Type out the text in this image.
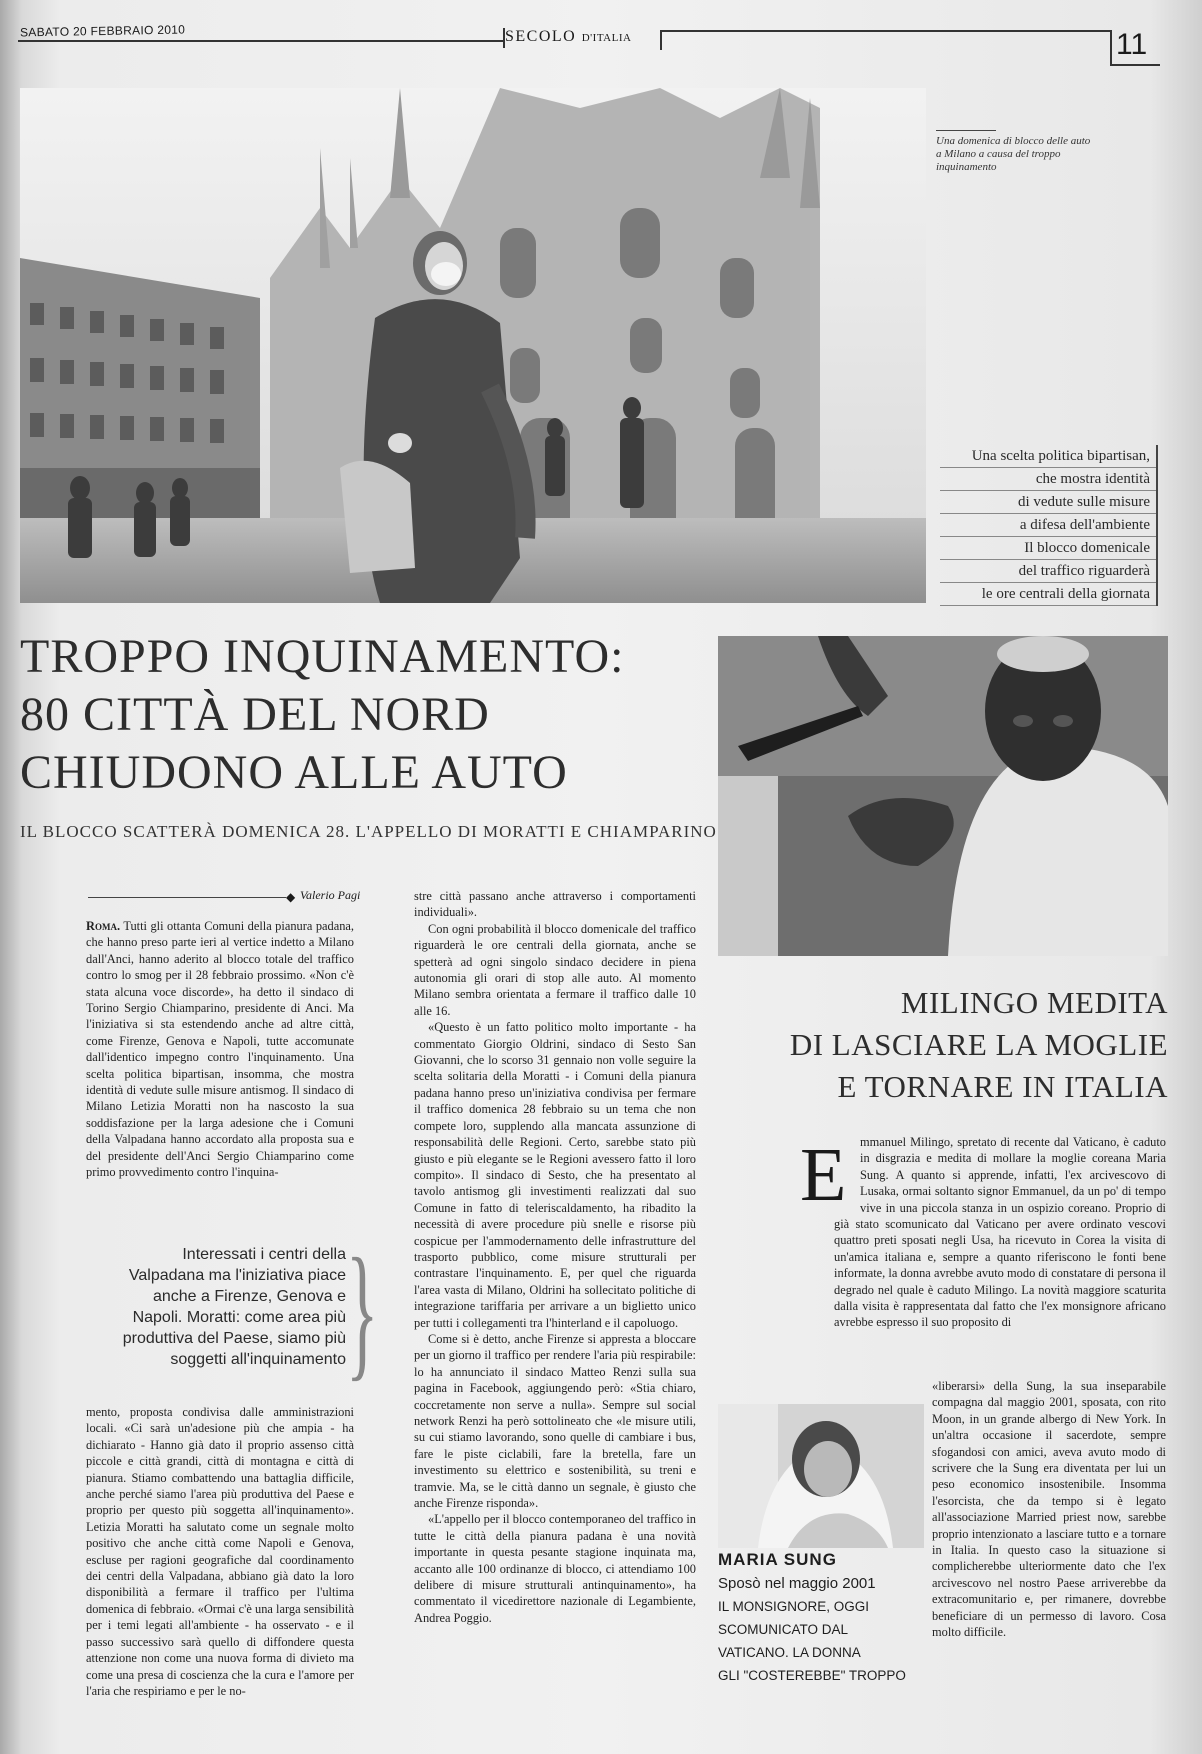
SABATO 20 FEBBRAIO 2010	SECOLO D'ITALIA	11
Una domenica di blocco delle auto a Milano a causa del troppo inquinamento
Una scelta politica bipartisan,
che mostra identità
di vedute sulle misure
a difesa dell'ambiente
Il blocco domenicale
del traffico riguarderà
le ore centrali della giornata
TROPPO INQUINAMENTO:
80 CITTÀ DEL NORD
CHIUDONO ALLE AUTO
IL BLOCCO SCATTERÀ DOMENICA 28. L'APPELLO DI MORATTI E CHIAMPARINO
◆ Valerio Pagi

Roma. Tutti gli ottanta Comuni della pianura padana, che hanno preso parte ieri al vertice indetto a Milano dall'Anci, hanno aderito al blocco totale del traffico contro lo smog per il 28 febbraio prossimo. «Non c'è stata alcuna voce discorde», ha detto il sindaco di Torino Sergio Chiamparino, presidente di Anci. Ma l'iniziativa si sta estendendo anche ad altre città, come Firenze, Genova e Napoli, tutte accomunate dall'identico impegno contro l'inquinamento. Una scelta politica bipartisan, insomma, che mostra identità di vedute sulle misure antismog. Il sindaco di Milano Letizia Moratti non ha nascosto la sua soddisfazione per la larga adesione che i Comuni della Valpadana hanno accordato alla proposta sua e del presidente dell'Anci Sergio Chiamparino come primo provvedimento contro l'inquina-

Interessati i centri della Valpadana ma l'iniziativa piace anche a Firenze, Genova e Napoli. Moratti: come area più produttiva del Paese, siamo più soggetti all'inquinamento }

mento, proposta condivisa dalle amministrazioni locali. «Ci sarà un'adesione più che ampia - ha dichiarato - Hanno già dato il proprio assenso città piccole e città grandi, città di montagna e città di pianura. Stiamo combattendo una battaglia difficile, anche perché siamo l'area più produttiva del Paese e proprio per questo più soggetta all'inquinamento». Letizia Moratti ha salutato come un segnale molto positivo che anche città come Napoli e Genova, escluse per ragioni geografiche dal coordinamento dei centri della Valpadana, abbiano già dato la loro disponibilità a fermare il traffico per l'ultima domenica di febbraio. «Ormai c'è una larga sensibilità per i temi legati all'ambiente - ha osservato - e il passo successivo sarà quello di diffondere questa attenzione non come una nuova forma di divieto ma come una presa di coscienza che la cura e l'amore per l'aria che respiriamo e per le no-

stre città passano anche attraverso i comportamenti individuali».

Con ogni probabilità il blocco domenicale del traffico riguarderà le ore centrali della giornata, anche se spetterà ad ogni singolo sindaco decidere in piena autonomia gli orari di stop alle auto. Al momento Milano sembra orientata a fermare il traffico dalle 10 alle 16.

«Questo è un fatto politico molto importante - ha commentato Giorgio Oldrini, sindaco di Sesto San Giovanni, che lo scorso 31 gennaio non volle seguire la scelta solitaria della Moratti - i Comuni della pianura padana hanno preso un'iniziativa condivisa per fermare il traffico domenica 28 febbraio su un tema che non compete loro, supplendo alla mancata assunzione di responsabilità delle Regioni. Certo, sarebbe stato più giusto e più elegante se le Regioni avessero fatto il loro compito». Il sindaco di Sesto, che ha presentato al tavolo antismog gli investimenti realizzati dal suo Comune in fatto di teleriscaldamento, ha ribadito la necessità di avere procedure più snelle e risorse più cospicue per l'ammodernamento delle infrastrutture del trasporto pubblico, come misure strutturali per contrastare l'inquinamento. E, per quel che riguarda l'area vasta di Milano, Oldrini ha sollecitato politiche di integrazione tariffaria per arrivare a un biglietto unico per tutti i collegamenti tra l'hinterland e il capoluogo.

Come si è detto, anche Firenze si appresta a bloccare per un giorno il traffico per rendere l'aria più respirabile: lo ha annunciato il sindaco Matteo Renzi sulla sua pagina in Facebook, aggiungendo però: «Stia chiaro, coccretamente non serve a nulla». Sempre sul social network Renzi ha però sottolineato che «le misure utili, su cui stiamo lavorando, sono quelle di cambiare i bus, fare le piste ciclabili, fare la bretella, fare un investimento su elettrico e sostenibilità, su treni e tramvie. Ma, se le città danno un segnale, è giusto che anche Firenze risponda».

«L'appello per il blocco contemporaneo del traffico in tutte le città della pianura padana è una novità importante in questa pesante stagione inquinata ma, accanto alle 100 ordinanze di blocco, ci attendiamo 100 delibere di misure strutturali antinquinamento», ha commentato il vicedirettore nazionale di Legambiente, Andrea Poggio.

MILINGO MEDITA
DI LASCIARE LA MOGLIE
E TORNARE IN ITALIA
E mmanuel Milingo, spretato di recente dal Vaticano, è caduto in disgrazia e medita di mollare la moglie coreana Maria Sung. A quanto si apprende, infatti, l'ex arcivescovo di Lusaka, ormai soltanto signor Emmanuel, da un po' di tempo vive in una piccola stanza in un ospizio coreano. Proprio di

già stato scomunicato dal Vaticano per avere ordinato vescovi quattro preti sposati negli Usa, ha ricevuto in Corea la visita di un'amica italiana e, sempre a quanto riferiscono le fonti bene informate, la donna avrebbe avuto modo di constatare di persona il degrado nel quale è caduto Milingo. La novità maggiore scaturita dalla visita è rappresentata dal fatto che l'ex monsignore africano avrebbe espresso il suo proposito di

«liberarsi» della Sung, la sua inseparabile compagna dal maggio 2001, sposata, con rito Moon, in un grande albergo di New York. In un'altra occasione il sacerdote, sempre sfogandosi con amici, aveva avuto modo di scrivere che la Sung era diventata per lui un peso economico insostenibile. Insomma l'esorcista, che da tempo si è legato all'associazione Married priest now, sarebbe proprio intenzionato a lasciare tutto e a tornare in Italia. In questo caso la situazione si complicherebbe ulteriormente dato che l'ex arcivescovo nel nostro Paese arriverebbe da extracomunitario e, per rimanere, dovrebbe beneficiare di un permesso di lavoro. Cosa molto difficile.

MARIA SUNG
Sposò nel maggio 2001
IL MONSIGNORE, OGGI
SCOMUNICATO DAL
VATICANO. LA DONNA
GLI "COSTEREBBE" TROPPO
